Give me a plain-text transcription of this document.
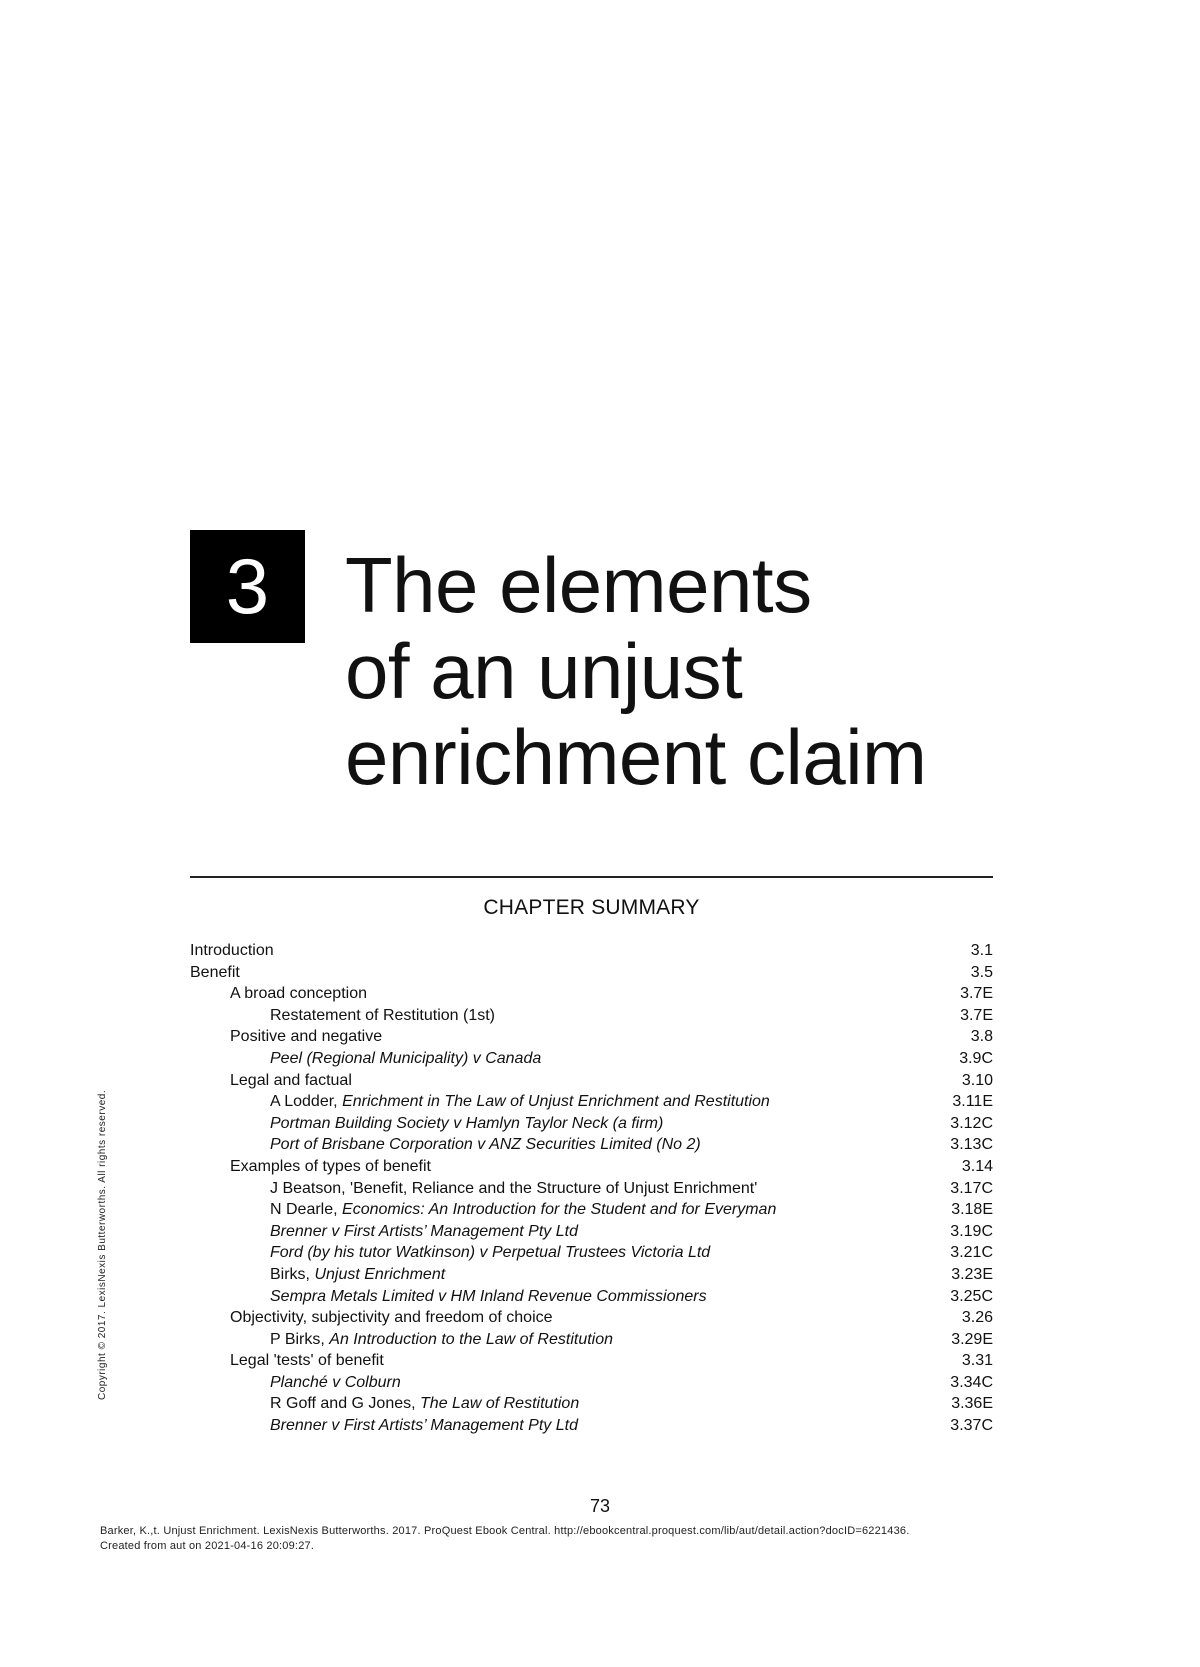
3 The elements
of an unjust
enrichment claim
CHAPTER SUMMARY
Introduction	3.1
Benefit	3.5
A broad conception	3.7E
Restatement of Restitution (1st)	3.7E
Positive and negative	3.8
Peel (Regional Municipality) v Canada	3.9C
Legal and factual	3.10
A Lodder, Enrichment in The Law of Unjust Enrichment and Restitution	3.11E
Portman Building Society v Hamlyn Taylor Neck (a firm)	3.12C
Port of Brisbane Corporation v ANZ Securities Limited (No 2)	3.13C
Examples of types of benefit	3.14
J Beatson, 'Benefit, Reliance and the Structure of Unjust Enrichment'	3.17C
N Dearle, Economics: An Introduction for the Student and for Everyman	3.18E
Brenner v First Artists’ Management Pty Ltd	3.19C
Ford (by his tutor Watkinson) v Perpetual Trustees Victoria Ltd	3.21C
Birks, Unjust Enrichment	3.23E
Sempra Metals Limited v HM Inland Revenue Commissioners	3.25C
Objectivity, subjectivity and freedom of choice	3.26
P Birks, An Introduction to the Law of Restitution	3.29E
Legal 'tests' of benefit	3.31
Planché v Colburn	3.34C
R Goff and G Jones, The Law of Restitution	3.36E
Brenner v First Artists’ Management Pty Ltd	3.37C
Copyright © 2017. LexisNexis Butterworths. All rights reserved.
73
Barker, K.,t. Unjust Enrichment. LexisNexis Butterworths. 2017. ProQuest Ebook Central. http://ebookcentral.proquest.com/lib/aut/detail.action?docID=6221436.
Created from aut on 2021-04-16 20:09:27.
